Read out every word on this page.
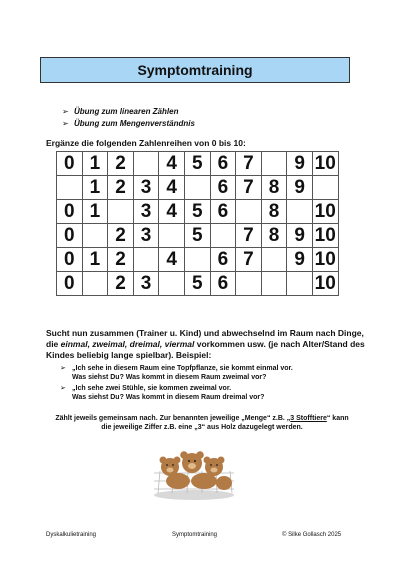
Symptomtraining
➢ Übung zum linearen Zählen
➢ Übung zum Mengenverständnis
Ergänze die folgenden Zahlenreihen von 0 bis 10:
0	1	2		4	5	6	7		9	10
	1	2	3	4		6	7	8	9	
0	1		3	4	5	6		8		10
0		2	3		5		7	8	9	10
0	1	2		4		6	7		9	10
0		2	3		5	6				10

Sucht nun zusammen (Trainer u. Kind) und abwechselnd im Raum nach Dinge, die einmal, zweimal, dreimal, viermal vorkommen usw. (je nach Alter/Stand des Kindes beliebig lange spielbar). Beispiel:

➢ „Ich sehe in diesem Raum eine Topfpflanze, sie kommt einmal vor.
Was siehst Du? Was kommt in diesem Raum zweimal vor?
➢ „Ich sehe zwei Stühle, sie kommen zweimal vor.
Was siehst Du? Was kommt in diesem Raum dreimal vor?
Zählt jeweils gemeinsam nach. Zur benannten jeweilige „Menge“ z.B. „3 Stofftiere“ kann die jeweilige Ziffer z.B. eine „3“ aus Holz dazugelegt werden.
Dyskalkulietraining	Symptomtraining	© Silke Gollasch 2025
